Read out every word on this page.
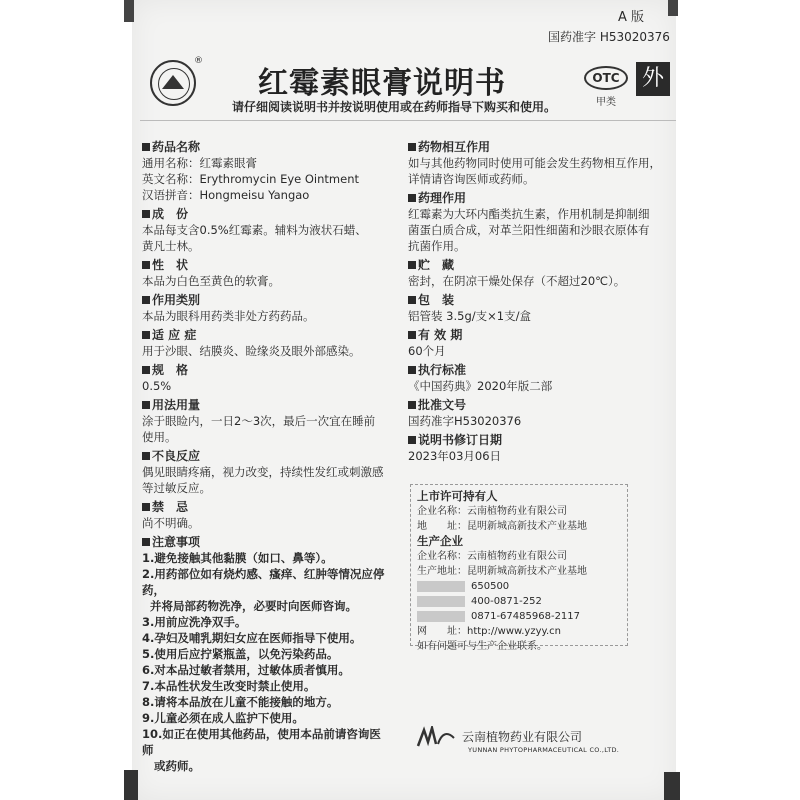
A 版
国药准字 H53020376
®
红霉素眼膏说明书	OTC
甲类
外
请仔细阅读说明书并按说明使用或在药师指导下购买和使用。
药品名称
通用名称：红霉素眼膏
英文名称：Erythromycin Eye Ointment
汉语拼音：Hongmeisu Yangao
成　份
本品每支含0.5%红霉素。辅料为液状石蜡、
黄凡士林。
性　状
本品为白色至黄色的软膏。
作用类别
本品为眼科用药类非处方药药品。
适 应 症
用于沙眼、结膜炎、睑缘炎及眼外部感染。
规　格
0.5%
用法用量
涂于眼睑内，一日2～3次，最后一次宜在睡前
使用。
不良反应
偶见眼睛疼痛，视力改变，持续性发红或刺激感
等过敏反应。
禁　忌
尚不明确。
注意事项
1.避免接触其他黏膜（如口、鼻等）。
2.用药部位如有烧灼感、瘙痒、红肿等情况应停药，
并将局部药物洗净，必要时向医师咨询。
3.用前应洗净双手。
4.孕妇及哺乳期妇女应在医师指导下使用。
5.使用后应拧紧瓶盖，以免污染药品。
6.对本品过敏者禁用，过敏体质者慎用。
7.本品性状发生改变时禁止使用。
8.请将本品放在儿童不能接触的地方。
9.儿童必须在成人监护下使用。
10.如正在使用其他药品，使用本品前请咨询医师
或药师。
药物相互作用
如与其他药物同时使用可能会发生药物相互作用，
详情请咨询医师或药师。
药理作用
红霉素为大环内酯类抗生素，作用机制是抑制细
菌蛋白质合成，对革兰阳性细菌和沙眼衣原体有
抗菌作用。
贮　藏
密封，在阴凉干燥处保存（不超过20℃）。
包　装
铝管装 3.5g/支×1支/盒
有 效 期
60个月
执行标准
《中国药典》2020年版二部
批准文号
国药准字H53020376
说明书修订日期
2023年03月06日
上市许可持有人
企业名称：云南植物药业有限公司
地　　址：昆明新城高新技术产业基地
生产企业
企业名称：云南植物药业有限公司
生产地址：昆明新城高新技术产业基地
650500
400-0871-252
0871-67485968-2117
网　　址：http://www.yzyy.cn
如有问题可与生产企业联系。
云南植物药业有限公司
YUNNAN PHYTOPHARMACEUTICAL CO.,LTD.
